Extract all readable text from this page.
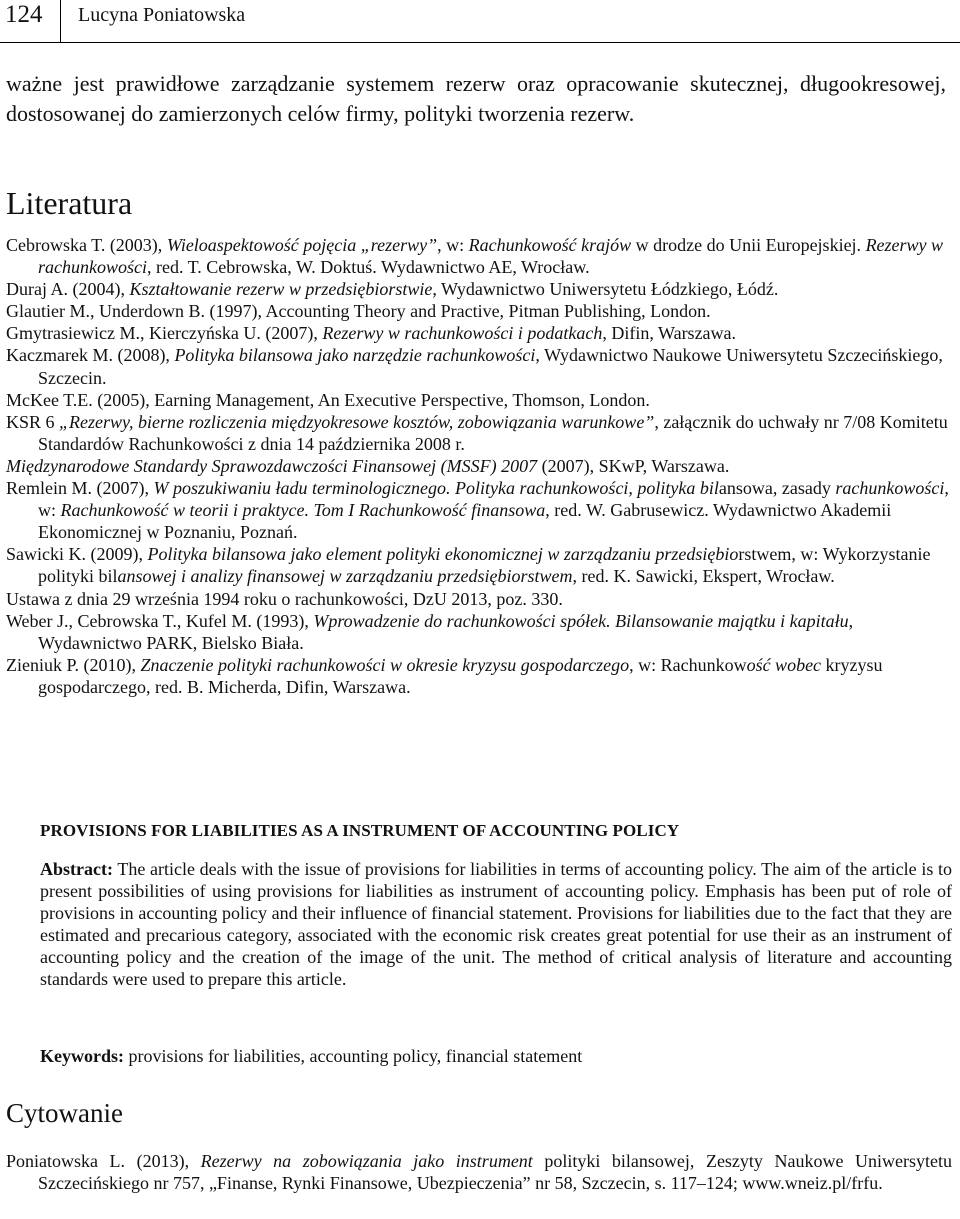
124 Lucyna Poniatowska

ważne jest prawidłowe zarządzanie systemem rezerw oraz opracowanie skutecznej, długookresowej, dostosowanej do zamierzonych celów firmy, polityki tworzenia rezerw.

Literatura

Cebrowska T. (2003), Wieloaspektowość pojęcia „rezerwy”, w: Rachunkowość krajów w drodze do Unii Europejskiej. Rezerwy w rachunkowości, red. T. Cebrowska, W. Doktuś. Wydawnictwo AE, Wrocław.

Duraj A. (2004), Kształtowanie rezerw w przedsiębiorstwie, Wydawnictwo Uniwersytetu Łódzkiego, Łódź.

Glautier M., Underdown B. (1997), Accounting Theory and Practive, Pitman Publishing, London.

Gmytrasiewicz M., Kierczyńska U. (2007), Rezerwy w rachunkowości i podatkach, Difin, Warszawa.

Kaczmarek M. (2008), Polityka bilansowa jako narzędzie rachunkowości, Wydawnictwo Naukowe Uniwersytetu Szczecińskiego, Szczecin.

McKee T.E. (2005), Earning Management, An Executive Perspective, Thomson, London.

KSR 6 „Rezerwy, bierne rozliczenia międzyokresowe kosztów, zobowiązania warunkowe”, załącznik do uchwały nr 7/08 Komitetu Standardów Rachunkowości z dnia 14 października 2008 r.

Międzynarodowe Standardy Sprawozdawczości Finansowej (MSSF) 2007 (2007), SKwP, Warszawa.

Remlein M. (2007), W poszukiwaniu ładu terminologicznego. Polityka rachunkowości, polityka bilansowa, zasady rachunkowości, w: Rachunkowość w teorii i praktyce. Tom I Rachunkowość finansowa, red. W. Gabrusewicz. Wydawnictwo Akademii Ekonomicznej w Poznaniu, Poznań.

Sawicki K. (2009), Polityka bilansowa jako element polityki ekonomicznej w zarządzaniu przedsiębiorstwem, w: Wykorzystanie polityki bilansowej i analizy finansowej w zarządzaniu przedsiębiorstwem, red. K. Sawicki, Ekspert, Wrocław.

Ustawa z dnia 29 września 1994 roku o rachunkowości, DzU 2013, poz. 330.

Weber J., Cebrowska T., Kufel M. (1993), Wprowadzenie do rachunkowości spółek. Bilansowanie majątku i kapitału, Wydawnictwo PARK, Bielsko Biała.

Zieniuk P. (2010), Znaczenie polityki rachunkowości w okresie kryzysu gospodarczego, w: Rachunkowość wobec kryzysu gospodarczego, red. B. Micherda, Difin, Warszawa.

PROVISIONS FOR LIABILITIES AS A INSTRUMENT OF ACCOUNTING POLICY

Abstract: The article deals with the issue of provisions for liabilities in terms of accounting policy. The aim of the article is to present possibilities of using provisions for liabilities as instrument of accounting policy. Emphasis has been put of role of provisions in accounting policy and their influence of financial statement. Provisions for liabilities due to the fact that they are estimated and precarious category, associated with the economic risk creates great potential for use their as an instrument of accounting policy and the creation of the image of the unit. The method of critical analysis of literature and accounting standards were used to prepare this article.

Keywords: provisions for liabilities, accounting policy, financial statement

Cytowanie

Poniatowska L. (2013), Rezerwy na zobowiązania jako instrument polityki bilansowej, Zeszyty Naukowe Uniwersytetu Szczecińskiego nr 757, „Finanse, Rynki Finansowe, Ubezpieczenia” nr 58, Szczecin, s. 117–124; www.wneiz.pl/frfu.
